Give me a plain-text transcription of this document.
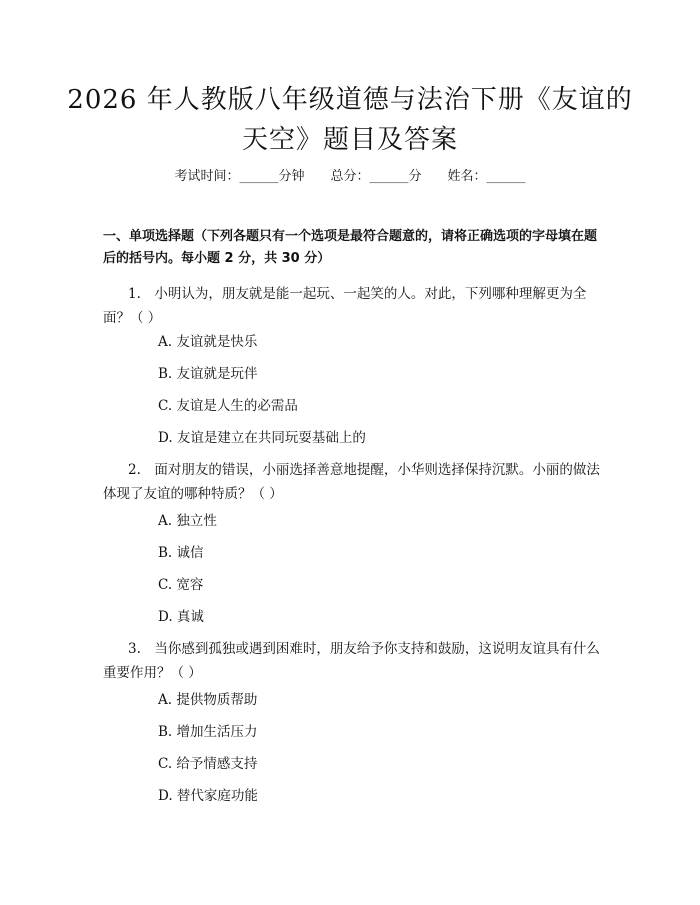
2026 年人教版八年级道德与法治下册《友谊的天空》题目及答案
考试时间：______分钟　　总分：______分　　姓名：______
一、单项选择题（下列各题只有一个选项是最符合题意的，请将正确选项的字母填在题后的括号内。每小题 2 分，共 30 分）
1.　小明认为，朋友就是能一起玩、一起笑的人。对此，下列哪种理解更为全面？（ ）
A. 友谊就是快乐
B. 友谊就是玩伴
C. 友谊是人生的必需品
D. 友谊是建立在共同玩耍基础上的
2.　面对朋友的错误，小丽选择善意地提醒，小华则选择保持沉默。小丽的做法体现了友谊的哪种特质？（ ）
A. 独立性
B. 诚信
C. 宽容
D. 真诚
3.　当你感到孤独或遇到困难时，朋友给予你支持和鼓励，这说明友谊具有什么重要作用？（ ）
A. 提供物质帮助
B. 增加生活压力
C. 给予情感支持
D. 替代家庭功能
